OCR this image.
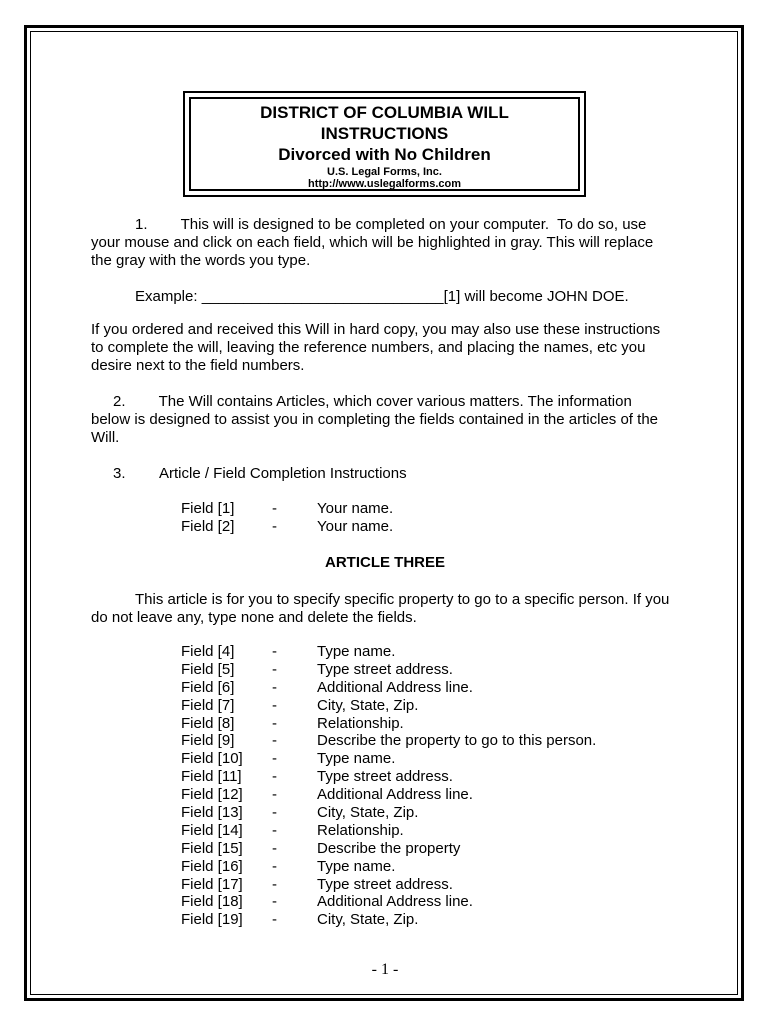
DISTRICT OF COLUMBIA WILL
INSTRUCTIONS
Divorced with No Children
U.S. Legal Forms, Inc.
http://www.uslegalforms.com
1.        This will is designed to be completed on your computer.  To do so, use
your mouse and click on each field, which will be highlighted in gray. This will replace
the gray with the words you type.
Example: _____________________________[1] will become JOHN DOE.
If you ordered and received this Will in hard copy, you may also use these instructions
to complete the will, leaving the reference numbers, and placing the names, etc you
desire next to the field numbers.
2.        The Will contains Articles, which cover various matters. The information
below is designed to assist you in completing the fields contained in the articles of the
Will.
3. Article / Field Completion Instructions
Field [1]	-	Your name.
Field [2]	-	Your name.
ARTICLE THREE
This article is for you to specify specific property to go to a specific person. If you
do not leave any, type none and delete the fields.
Field [4]	-	Type name.
Field [5]	-	Type street address.
Field [6]	-	Additional Address line.
Field [7]	-	City, State, Zip.
Field [8]	-	Relationship.
Field [9]	-	Describe the property to go to this person.
Field [10] -	Type name.
Field [11] -	Type street address.
Field [12] -	Additional Address line.
Field [13] -	City, State, Zip.
Field [14] -	Relationship.
Field [15] -	Describe the property
Field [16] -	Type name.
Field [17] -	Type street address.
Field [18] -	Additional Address line.
Field [19] -	City, State, Zip.
- 1 -
